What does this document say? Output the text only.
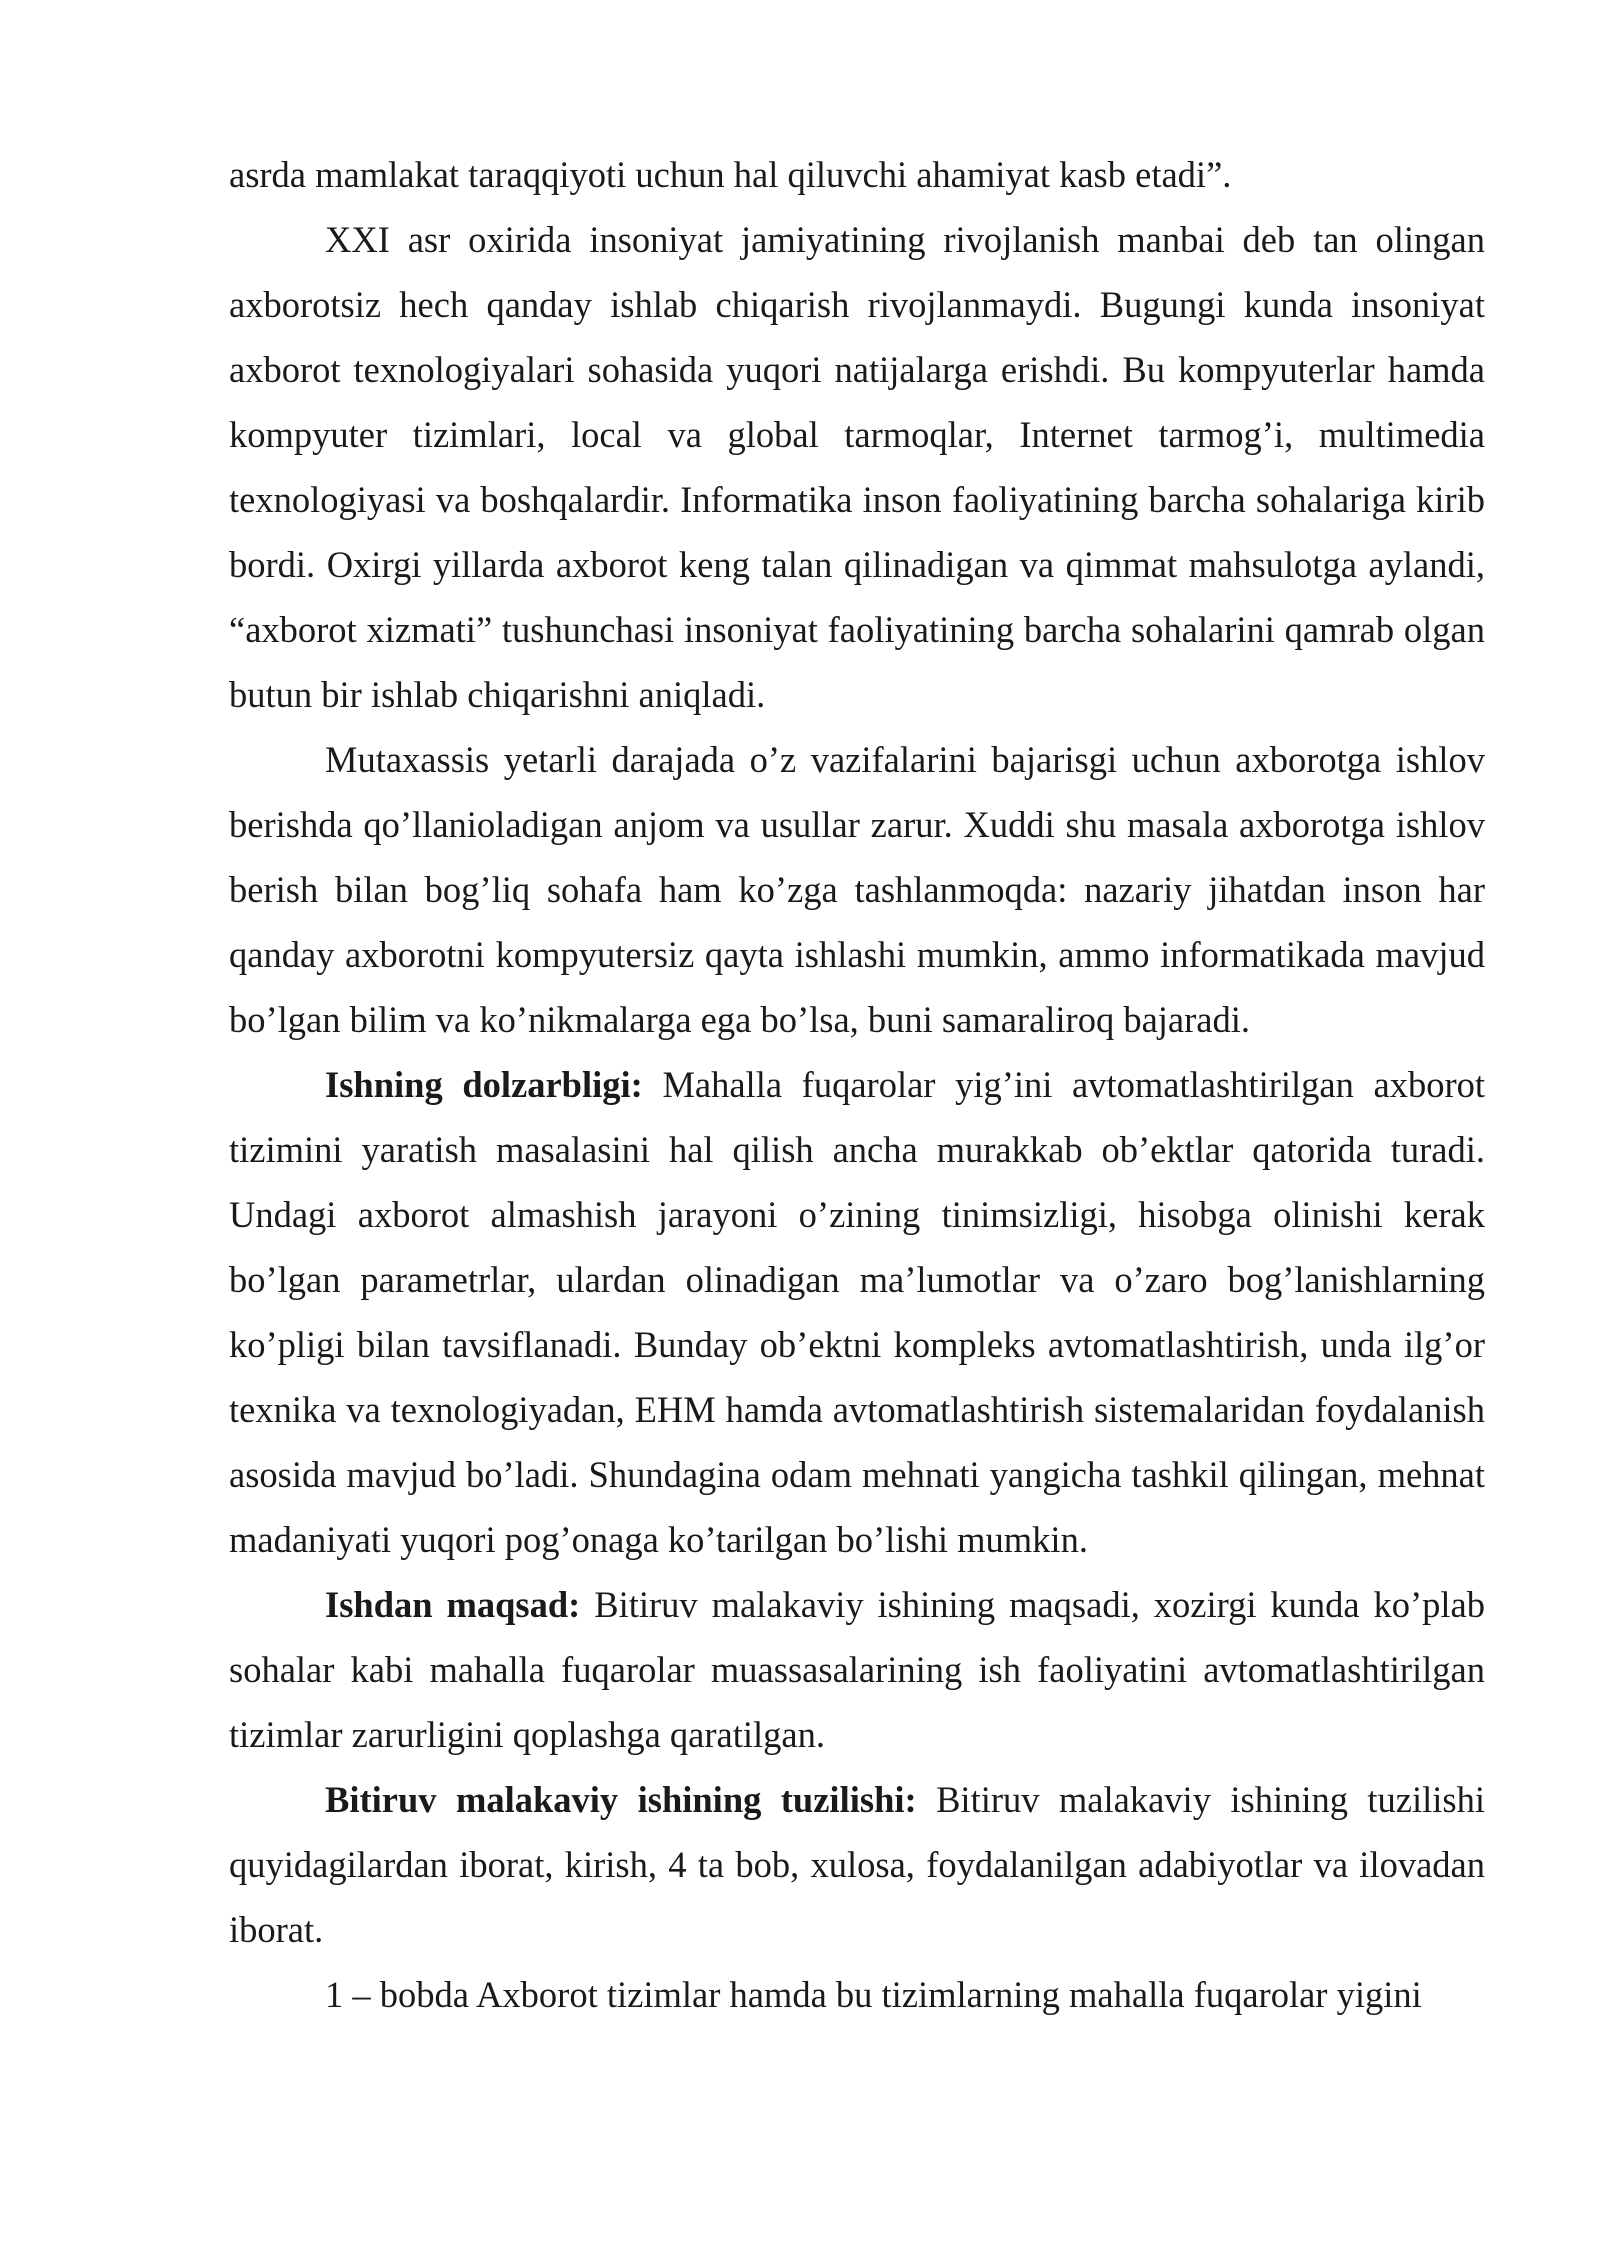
asrda mamlakat taraqqiyoti uchun hal qiluvchi ahamiyat kasb etadi”.

XXI asr oxirida insoniyat jamiyatining rivojlanish manbai deb tan olingan axborotsiz hech qanday ishlab chiqarish rivojlanmaydi. Bugungi kunda insoniyat axborot texnologiyalari sohasida yuqori natijalarga erishdi. Bu kompyuterlar hamda kompyuter tizimlari, local va global tarmoqlar, Internet tarmog’i, multimedia texnologiyasi va boshqalardir. Informatika inson faoliyatining barcha sohalariga kirib bordi. Oxirgi yillarda axborot keng talan qilinadigan va qimmat mahsulotga aylandi, “axborot xizmati” tushunchasi insoniyat faoliyatining barcha sohalarini qamrab olgan butun bir ishlab chiqarishni aniqladi.

Mutaxassis yetarli darajada o’z vazifalarini bajarisgi uchun axborotga ishlov berishda qo’llanioladigan anjom va usullar zarur. Xuddi shu masala axborotga ishlov berish bilan bog’liq sohafa ham ko’zga tashlanmoqda: nazariy jihatdan inson har qanday axborotni kompyutersiz qayta ishlashi mumkin, ammo informatikada mavjud bo’lgan bilim va ko’nikmalarga ega bo’lsa, buni samaraliroq bajaradi.

Ishning dolzarbligi: Mahalla fuqarolar yig’ini avtomatlashtirilgan axborot tizimini yaratish masalasini hal qilish ancha murakkab ob’ektlar qatorida turadi. Undagi axborot almashish jarayoni o’zining tinimsizligi, hisobga olinishi kerak bo’lgan parametrlar, ulardan olinadigan ma’lumotlar va o’zaro bog’lanishlarning ko’pligi bilan tavsiflanadi. Bunday ob’ektni kompleks avtomatlashtirish, unda ilg’or texnika va texnologiyadan, EHM hamda avtomatlashtirish sistemalaridan foydalanish asosida mavjud bo’ladi. Shundagina odam mehnati yangicha tashkil qilingan, mehnat madaniyati yuqori pog’onaga ko’tarilgan bo’lishi mumkin.

Ishdan maqsad: Bitiruv malakaviy ishining maqsadi, xozirgi kunda ko’plab sohalar kabi mahalla fuqarolar muassasalarining ish faoliyatini avtomatlashtirilgan tizimlar zarurligini qoplashga qaratilgan.

Bitiruv malakaviy ishining tuzilishi: Bitiruv malakaviy ishining tuzilishi quyidagilardan iborat, kirish, 4 ta bob, xulosa, foydalanilgan adabiyotlar va ilovadan iborat.

1 – bobda Axborot tizimlar hamda bu tizimlarning mahalla fuqarolar yigini
